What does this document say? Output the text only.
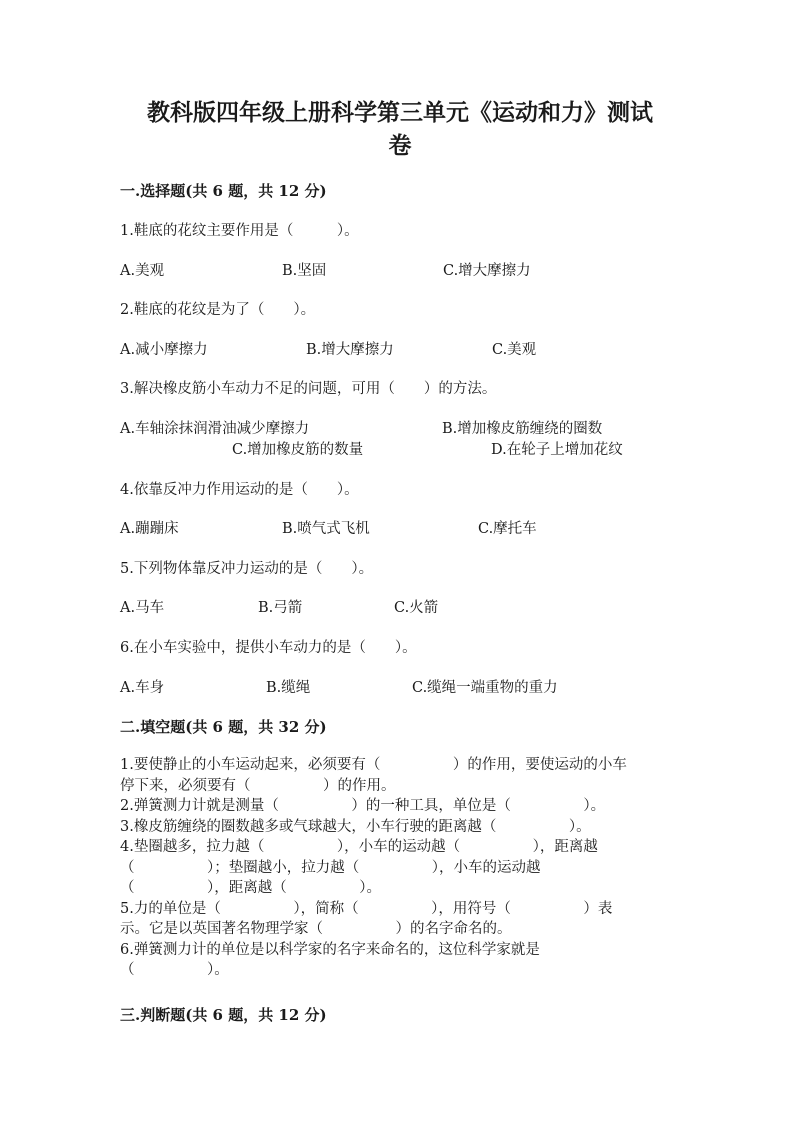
教科版四年级上册科学第三单元《运动和力》测试
卷
一.选择题(共 6 题，共 12 分)
1.鞋底的花纹主要作用是（　　　）。
A.美观	B.坚固	C.增大摩擦力
2.鞋底的花纹是为了（　　）。
A.减小摩擦力	B.增大摩擦力	C.美观
3.解决橡皮筋小车动力不足的问题，可用（　　）的方法。
A.车轴涂抹润滑油减少摩擦力	B.增加橡皮筋缠绕的圈数
C.增加橡皮筋的数量	D.在轮子上增加花纹
4.依靠反冲力作用运动的是（　　）。
A.蹦蹦床	B.喷气式飞机	C.摩托车
5.下列物体靠反冲力运动的是（　　）。
A.马车	B.弓箭	C.火箭
6.在小车实验中，提供小车动力的是（　　）。
A.车身	B.缆绳	C.缆绳一端重物的重力
二.填空题(共 6 题，共 32 分)
1.要使静止的小车运动起来，必须要有（　　　　　）的作用，要使运动的小车
停下来，必须要有（　　　　　）的作用。
2.弹簧测力计就是测量（　　　　　）的一种工具，单位是（　　　　　）。
3.橡皮筋缠绕的圈数越多或气球越大，小车行驶的距离越（　　　　　）。
4.垫圈越多，拉力越（　　　　　），小车的运动越（　　　　　），距离越
（　　　　　）；垫圈越小，拉力越（　　　　　），小车的运动越
（　　　　　），距离越（　　　　　）。
5.力的单位是（　　　　　），简称（　　　　　），用符号（　　　　　）表
示。它是以英国著名物理学家（　　　　　）的名字命名的。
6.弹簧测力计的单位是以科学家的名字来命名的，这位科学家就是
（　　　　　）。
三.判断题(共 6 题，共 12 分)
